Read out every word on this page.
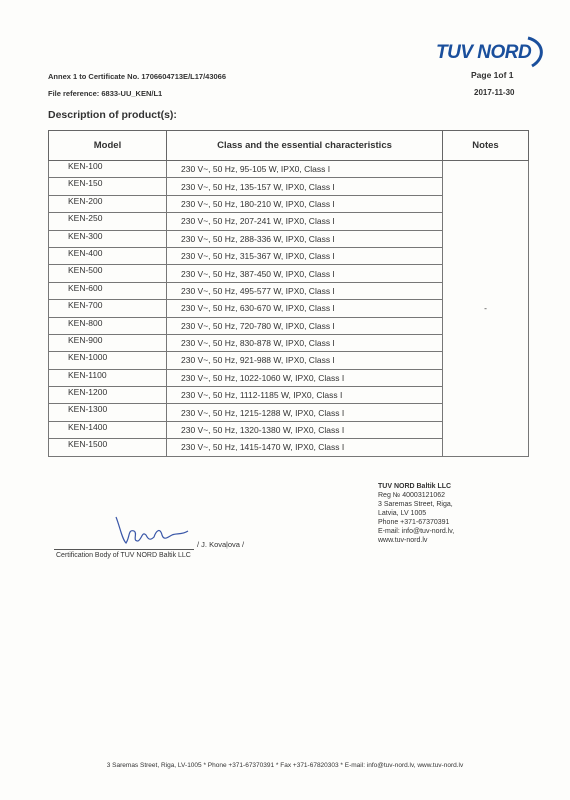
TUV NORD
Annex 1 to Certificate No. 1706604713E/L17/43066	Page 1of 1
File reference: 6833-UU_KEN/L1	2017-11-30
Description of product(s):
Model	Class and the essential characteristics	Notes
KEN-100	230 V~, 50 Hz, 95-105 W, IPX0, Class I	-
KEN-150	230 V~, 50 Hz, 135-157 W, IPX0, Class I	
KEN-200	230 V~, 50 Hz, 180-210 W, IPX0, Class I	
KEN-250	230 V~, 50 Hz, 207-241 W, IPX0, Class I	
KEN-300	230 V~, 50 Hz, 288-336 W, IPX0, Class I	
KEN-400	230 V~, 50 Hz, 315-367 W, IPX0, Class I	
KEN-500	230 V~, 50 Hz, 387-450 W, IPX0, Class I	
KEN-600	230 V~, 50 Hz, 495-577 W, IPX0, Class I	
KEN-700	230 V~, 50 Hz, 630-670 W, IPX0, Class I	
KEN-800	230 V~, 50 Hz, 720-780 W, IPX0, Class I	
KEN-900	230 V~, 50 Hz, 830-878 W, IPX0, Class I	
KEN-1000	230 V~, 50 Hz, 921-988 W, IPX0, Class I	
KEN-1100	230 V~, 50 Hz, 1022-1060 W, IPX0, Class I	
KEN-1200	230 V~, 50 Hz, 1112-1185 W, IPX0, Class I	
KEN-1300	230 V~, 50 Hz, 1215-1288 W, IPX0, Class I	
KEN-1400	230 V~, 50 Hz, 1320-1380 W, IPX0, Class I	
KEN-1500	230 V~, 50 Hz, 1415-1470 W, IPX0, Class I	
TUV NORD Baltik LLC
Reg № 40003121062
3 Saremas Street, Riga,
Latvia, LV 1005
Phone +371-67370391
E-mail: info@tuv-nord.lv,
www.tuv-nord.lv
/ J. Kovaļova /
Certification Body of TUV NORD Baltik LLC
3 Saremas Street, Riga, LV-1005 * Phone +371-67370391 * Fax +371-67820303 * E-mail: info@tuv-nord.lv, www.tuv-nord.lv
